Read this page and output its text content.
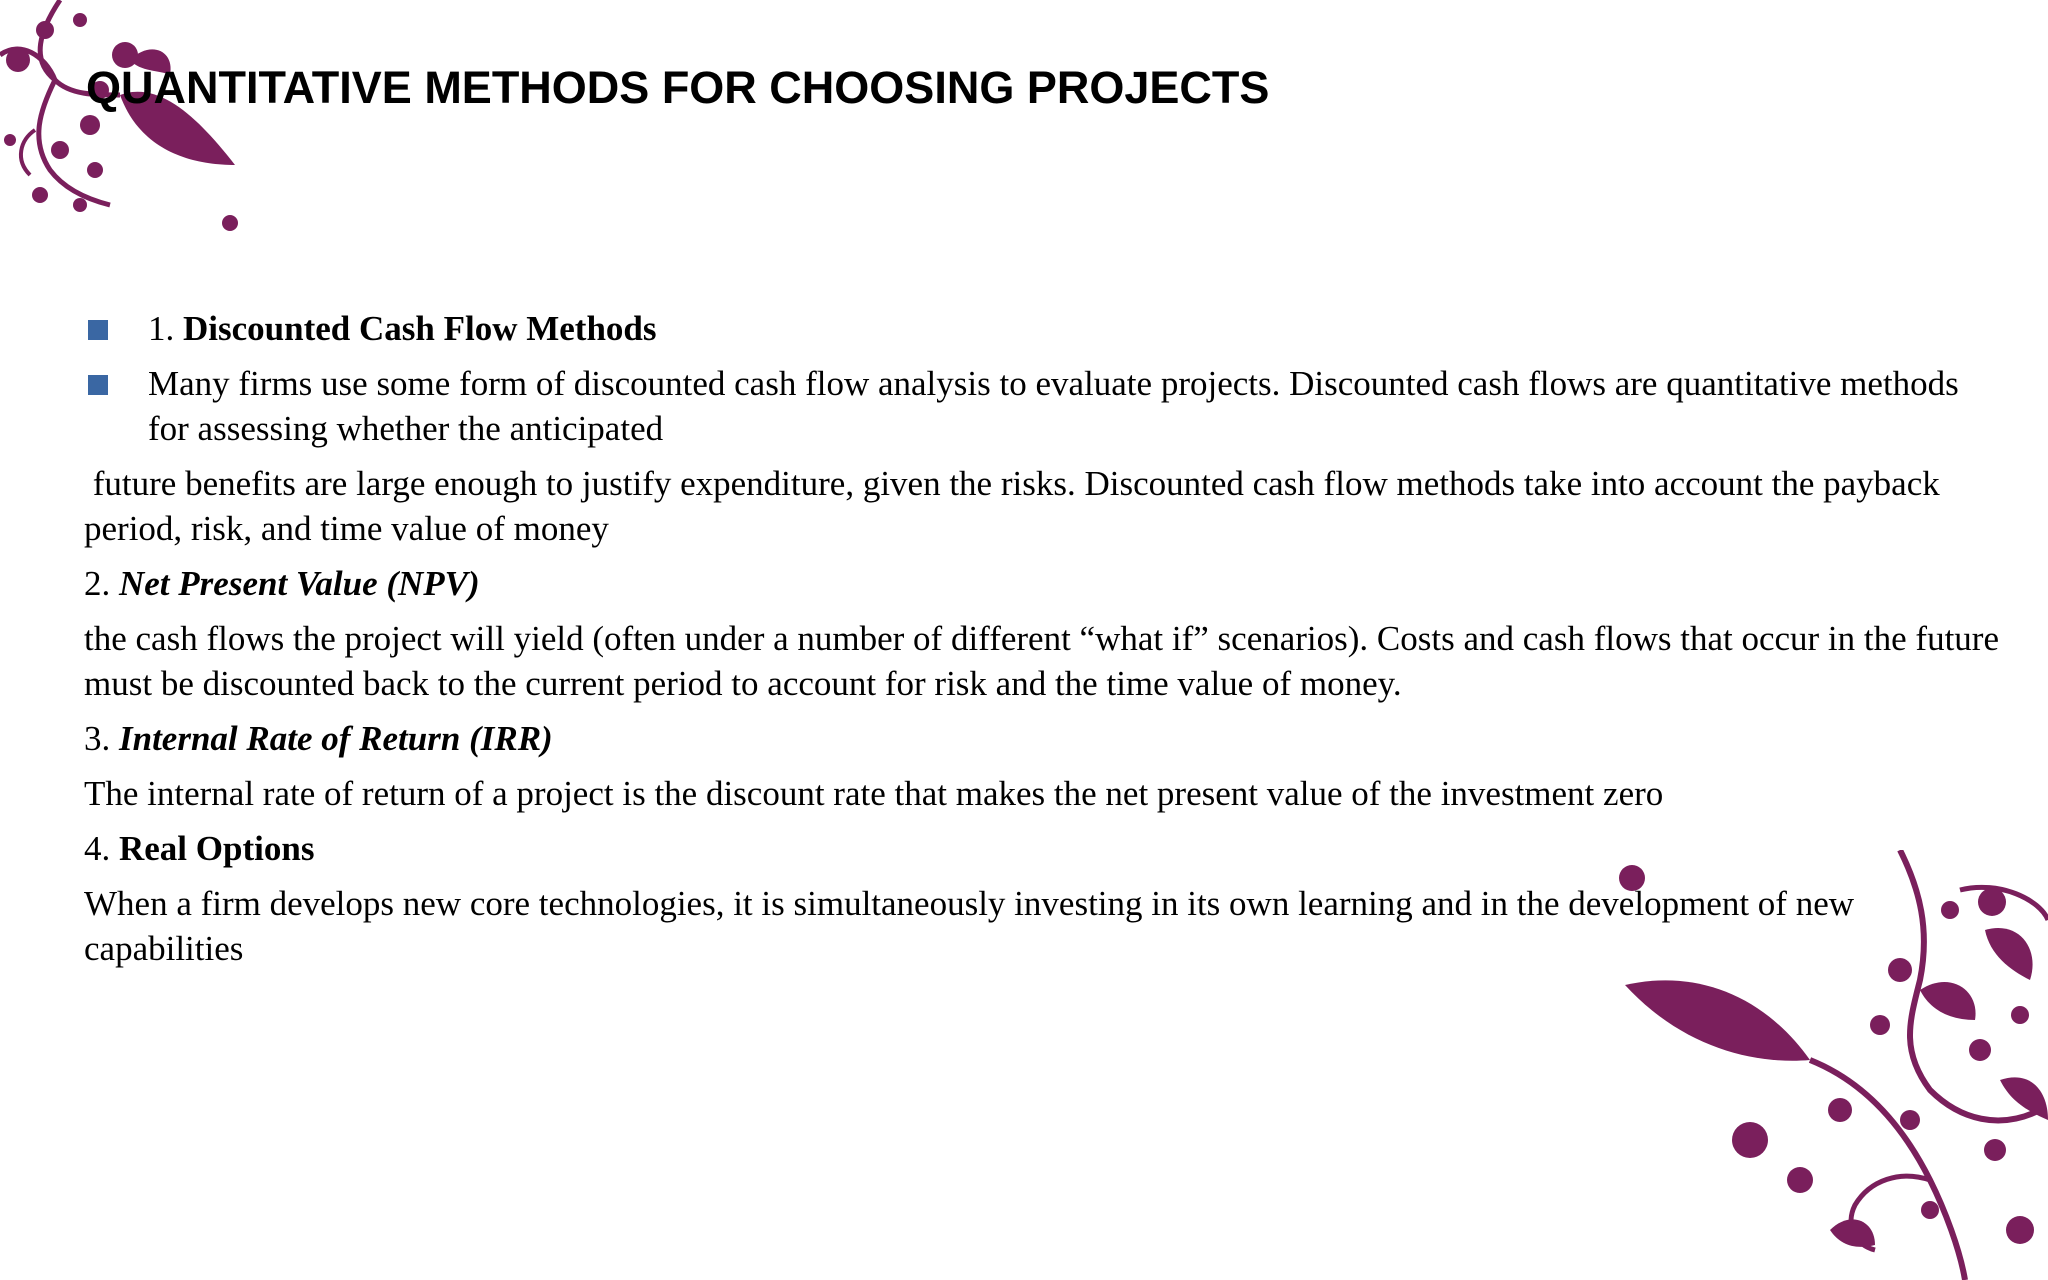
QUANTITATIVE METHODS FOR CHOOSING PROJECTS
1. Discounted Cash Flow Methods
Many firms use some form of discounted cash flow analysis to evaluate projects. Discounted cash flows are quantitative methods for assessing whether the anticipated
future benefits are large enough to justify expenditure, given the risks. Discounted cash flow methods take into account the payback period, risk, and time value of money
2. Net Present Value (NPV)
the cash flows the project will yield (often under a number of different “what if” scenarios). Costs and cash flows that occur in the future must be discounted back to the current period to account for risk and the time value of money.
3. Internal Rate of Return (IRR)
The internal rate of return of a project is the discount rate that makes the net present value of the investment zero
4. Real Options
When a firm develops new core technologies, it is simultaneously investing in its own learning and in the development of new capabilities
